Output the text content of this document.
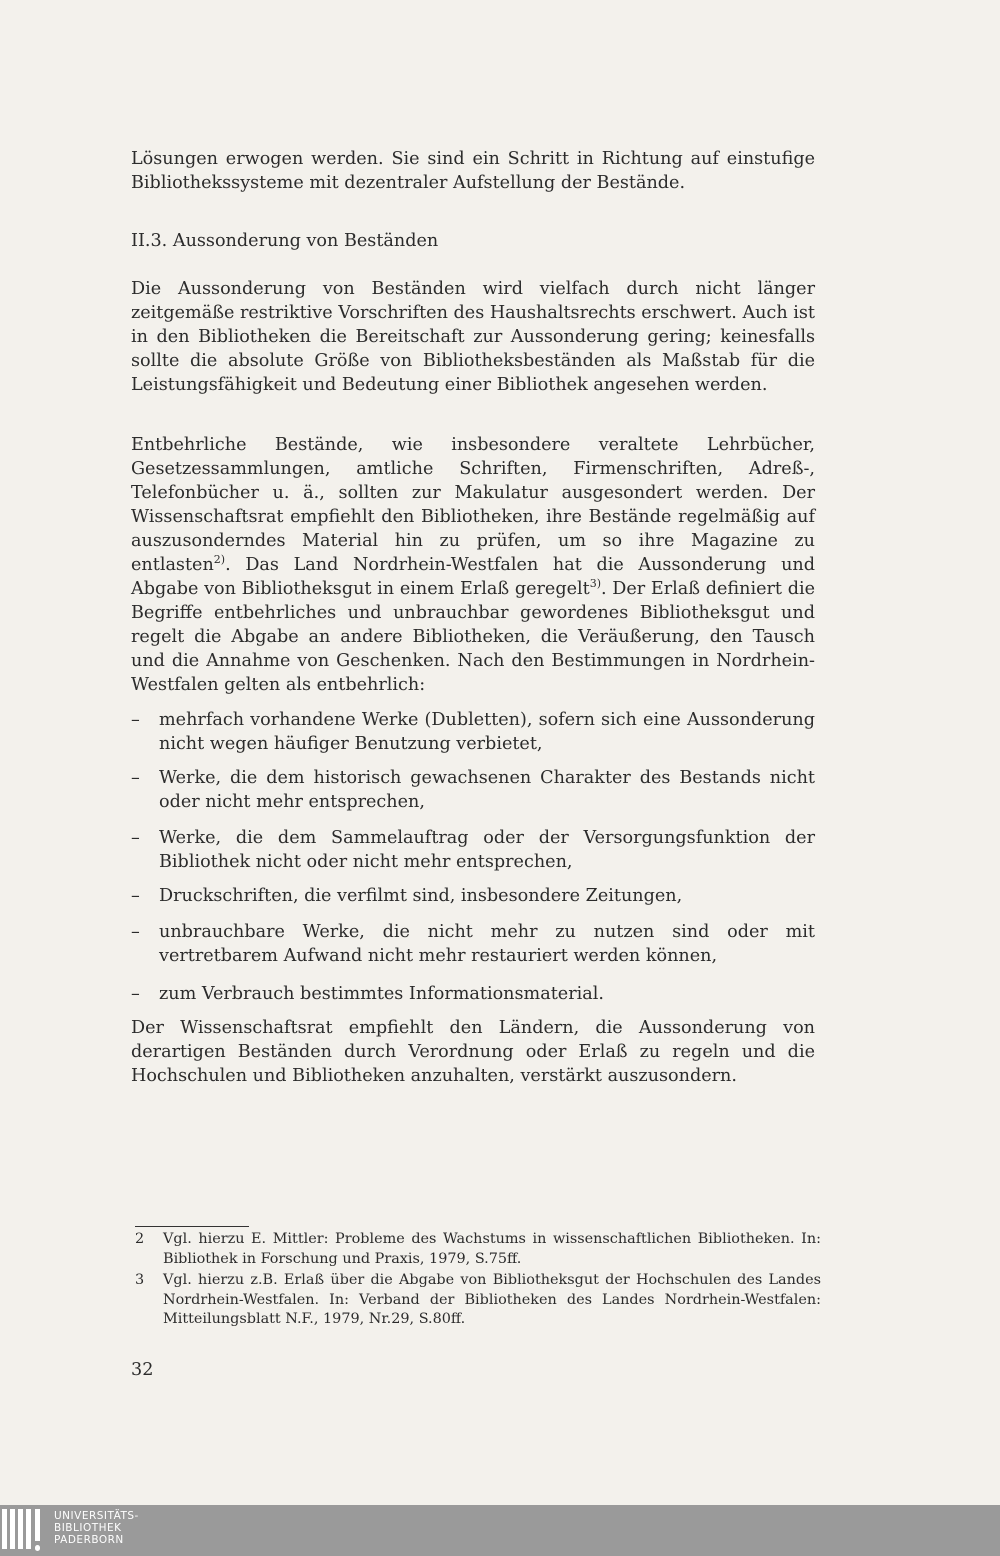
Lösungen erwogen werden. Sie sind ein Schritt in Richtung auf einstufige Bibliothekssysteme mit dezentraler Aufstellung der Bestände.

II.3. Aussonderung von Beständen

Die Aussonderung von Beständen wird vielfach durch nicht länger zeitgemäße restriktive Vorschriften des Haushaltsrechts erschwert. Auch ist in den Bibliotheken die Bereitschaft zur Aussonderung gering; keinesfalls sollte die absolute Größe von Bibliotheksbeständen als Maßstab für die Leistungsfähigkeit und Bedeutung einer Bibliothek angesehen werden.

Entbehrliche Bestände, wie insbesondere veraltete Lehrbücher, Gesetzessammlungen, amtliche Schriften, Firmenschriften, Adreß-, Telefonbücher u. ä., sollten zur Makulatur ausgesondert werden. Der Wissenschaftsrat empfiehlt den Bibliotheken, ihre Bestände regelmäßig auf auszusonderndes Material hin zu prüfen, um so ihre Magazine zu entlasten$^{2)}$. Das Land Nordrhein-Westfalen hat die Aussonderung und Abgabe von Bibliotheksgut in einem Erlaß geregelt$^{3)}$. Der Erlaß definiert die Begriffe entbehrliches und unbrauchbar gewordenes Bibliotheksgut und regelt die Abgabe an andere Bibliotheken, die Veräußerung, den Tausch und die Annahme von Geschenken. Nach den Bestimmungen in Nordrhein-Westfalen gelten als entbehrlich:

–	mehrfach vorhandene Werke (Dubletten), sofern sich eine Aussonderung nicht wegen häufiger Benutzung verbietet,
–	Werke, die dem historisch gewachsenen Charakter des Bestands nicht oder nicht mehr entsprechen,
–	Werke, die dem Sammelauftrag oder der Versorgungsfunktion der Bibliothek nicht oder nicht mehr entsprechen,
–	Druckschriften, die verfilmt sind, insbesondere Zeitungen,
–	unbrauchbare Werke, die nicht mehr zu nutzen sind oder mit vertretbarem Aufwand nicht mehr restauriert werden können,
–	zum Verbrauch bestimmtes Informationsmaterial.

Der Wissenschaftsrat empfiehlt den Ländern, die Aussonderung von derartigen Beständen durch Verordnung oder Erlaß zu regeln und die Hochschulen und Bibliotheken anzuhalten, verstärkt auszusondern.

2 Vgl. hierzu E. Mittler: Probleme des Wachstums in wissenschaftlichen Bibliotheken. In: Bibliothek in Forschung und Praxis, 1979, S.75ff.
3 Vgl. hierzu z.B. Erlaß über die Abgabe von Bibliotheksgut der Hochschulen des Landes Nordrhein-Westfalen. In: Verband der Bibliotheken des Landes Nordrhein-Westfalen: Mitteilungsblatt N.F., 1979, Nr.29, S.80ff.
32
UNIVERSITÄTS-
BIBLIOTHEK
PADERBORN
